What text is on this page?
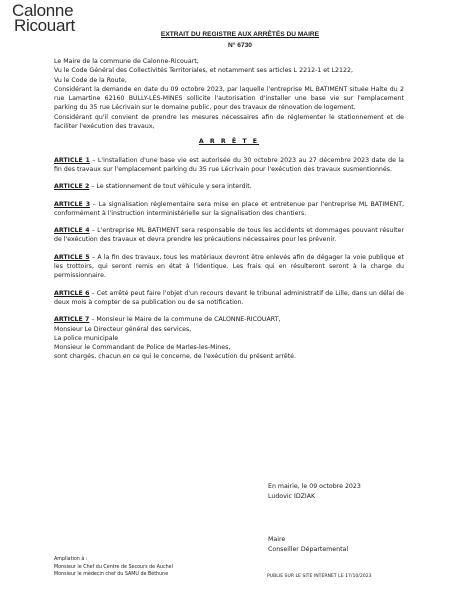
Calonne
Ricouart	EXTRAIT DU REGISTRE AUX ARRÊTÉS DU MAIRE
N° 6730

Le Maire de la commune de Calonne-Ricouart,

Vu le Code Général des Collectivités Territoriales, et notamment ses articles L 2212-1 et L2122,

Vu le Code de la Route,

Considérant la demande en date du 09 octobre 2023, par laquelle l'entreprise ML BATIMENT située Halte du 2 rue Lamartine 62160 BULLY-LES-MINES sollicite l'autorisation d'installer une base vie sur l'emplacement parking du 35 rue Lécrivain sur le domaine public, pour des travaux de rénovation de logement.

Considérant qu'il convient de prendre les mesures nécessaires afin de réglementer le stationnement et de faciliter l'exécution des travaux,

A R R Ê T E

ARTICLE 1 – L'installation d'une base vie est autorisée du 30 octobre 2023 au 27 décembre 2023 date de la fin des travaux sur l'emplacement parking du 35 rue Lécrivain pour l'exécution des travaux susmentionnés.

ARTICLE 2 – Le stationnement de tout véhicule y sera interdit.

ARTICLE 3 – La signalisation réglementaire sera mise en place et entretenue par l'entreprise ML BATIMENT, conformément à l'instruction interministérielle sur la signalisation des chantiers.

ARTICLE 4 – L'entreprise ML BATIMENT sera responsable de tous les accidents et dommages pouvant résulter de l'exécution des travaux et devra prendre les précautions nécessaires pour les prévenir.

ARTICLE 5 – A la fin des travaux, tous les matériaux devront être enlevés afin de dégager la voie publique et les trottoirs, qui seront remis en état à l'identique. Les frais qui en résulteront seront à la charge du permissionnaire.

ARTICLE 6 – Cet arrêté peut faire l'objet d'un recours devant le tribunal administratif de Lille, dans un délai de deux mois à compter de sa publication ou de sa notification.

ARTICLE 7 – Monsieur le Maire de la commune de CALONNE-RICOUART,

Monsieur Le Directeur général des services,

La police municipale

Monsieur le Commandant de Police de Marles-les-Mines,

sont chargés, chacun en ce qui le concerne, de l'exécution du présent arrêté.

En mairie, le 09 octobre 2023
Ludovic IDZIAK
Maire
Conseiller Départemental
Ampliation à :
Monsieur le Chef du Centre de Secours de Auchel
Monsieur le médecin chef du SAMU de Béthune	PUBLIE SUR LE SITE INTERNET LE 17/10/2023
